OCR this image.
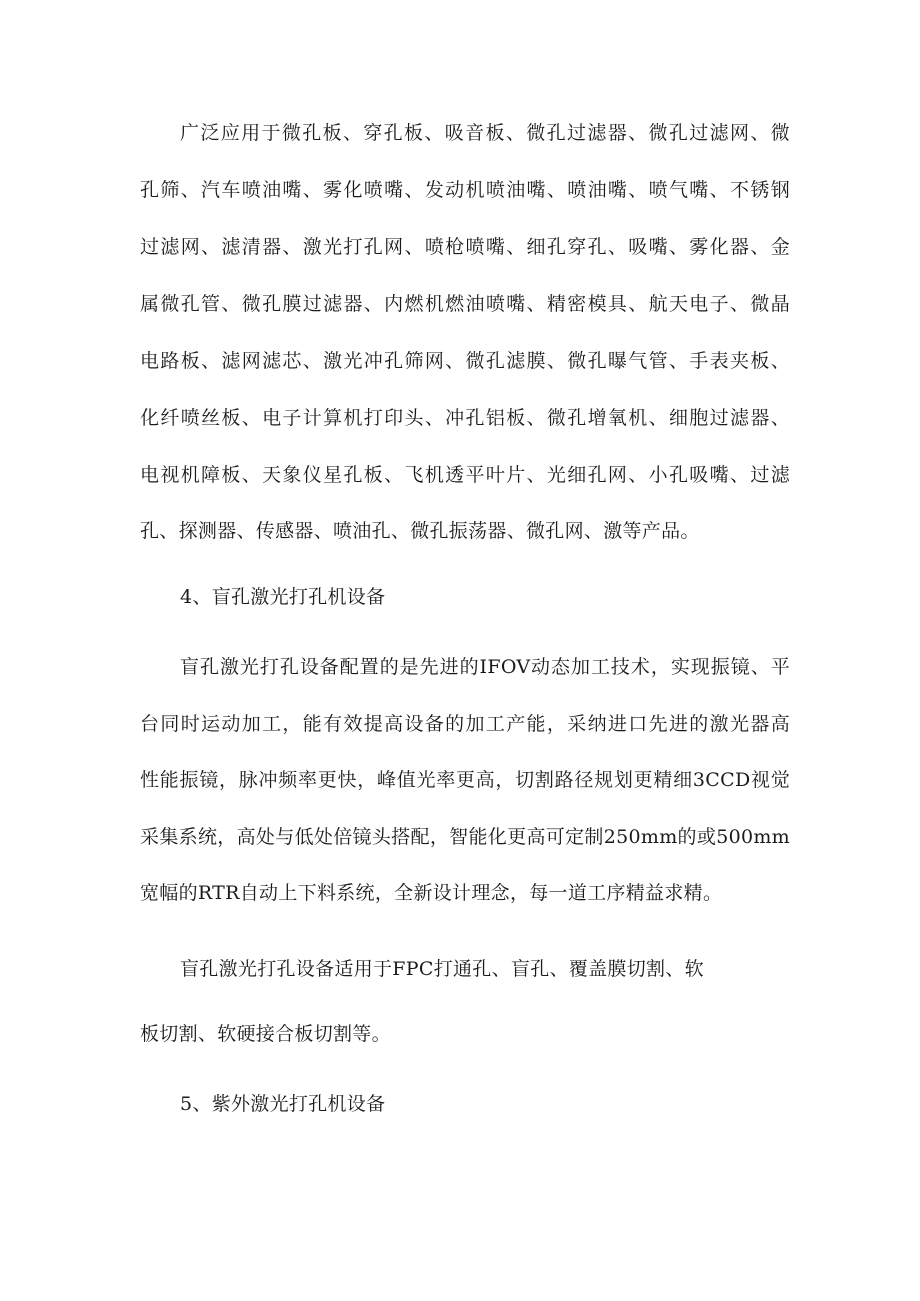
广泛应用于微孔板、穿孔板、吸音板、微孔过滤器、微孔过滤网、微
孔筛、汽车喷油嘴、雾化喷嘴、发动机喷油嘴、喷油嘴、喷气嘴、不锈钢
过滤网、滤清器、激光打孔网、喷枪喷嘴、细孔穿孔、吸嘴、雾化器、金
属微孔管、微孔膜过滤器、内燃机燃油喷嘴、精密模具、航天电子、微晶
电路板、滤网滤芯、激光冲孔筛网、微孔滤膜、微孔曝气管、手表夹板、
化纤喷丝板、电子计算机打印头、冲孔铝板、微孔增氧机、细胞过滤器、
电视机障板、天象仪星孔板、飞机透平叶片、光细孔网、小孔吸嘴、过滤
孔、探测器、传感器、喷油孔、微孔振荡器、微孔网、激等产品。
4、盲孔激光打孔机设备
盲孔激光打孔设备配置的是先进的IFOV动态加工技术，实现振镜、平
台同时运动加工，能有效提高设备的加工产能，采纳进口先进的激光器高
性能振镜，脉冲频率更快，峰值光率更高，切割路径规划更精细3CCD视觉
采集系统，高处与低处倍镜头搭配，智能化更高可定制250mm的或500mm
宽幅的RTR自动上下料系统，全新设计理念，每一道工序精益求精。
盲孔激光打孔设备适用于FPC打通孔、盲孔、覆盖膜切割、软
板切割、软硬接合板切割等。
5、紫外激光打孔机设备
